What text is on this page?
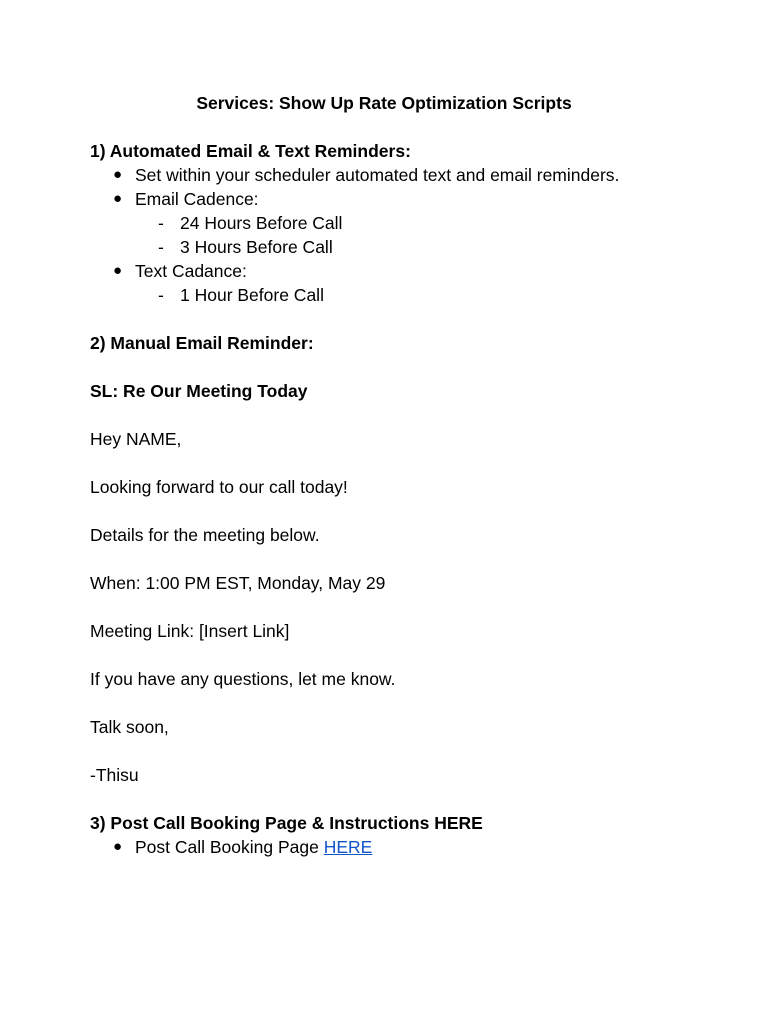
Services: Show Up Rate Optimization Scripts

1) Automated Email & Text Reminders:

● Set within your scheduler automated text and email reminders.
● Email Cadence:
- 24 Hours Before Call
- 3 Hours Before Call
● Text Cadance:
- 1 Hour Before Call

2) Manual Email Reminder:

SL: Re Our Meeting Today

Hey NAME,

Looking forward to our call today!

Details for the meeting below.

When: 1:00 PM EST, Monday, May 29

Meeting Link: [Insert Link]

If you have any questions, let me know.

Talk soon,

-Thisu

3) Post Call Booking Page & Instructions HERE

● Post Call Booking Page HERE
